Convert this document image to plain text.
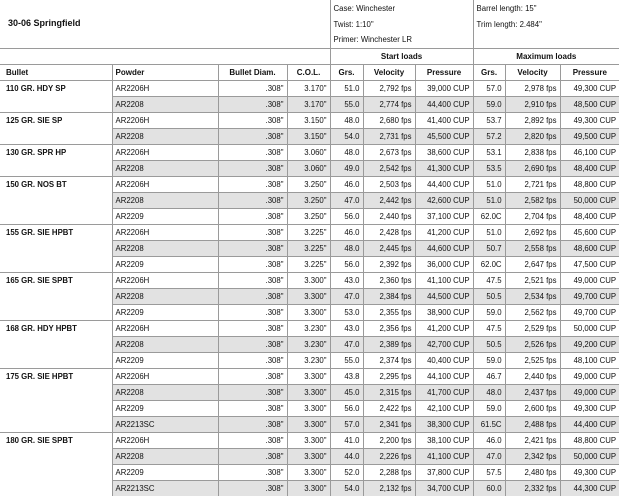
30-06 Springfield				Case: Winchester			Barrel length: 15"		
				Twist: 1:10"			Trim length: 2.484"		
				Primer: Winchester LR					
				Start loads			Maximum loads		
Bullet	Powder	Bullet Diam.	C.O.L.	Grs.	Velocity	Pressure	Grs.	Velocity	Pressure
110 GR. HDY SP	AR2206H	.308"	3.170"	51.0	2,792 fps	39,000 CUP	57.0	2,978 fps	49,300 CUP
	AR2208	.308"	3.170"	55.0	2,774 fps	44,400 CUP	59.0	2,910 fps	48,500 CUP
125 GR. SIE SP	AR2206H	.308"	3.150"	48.0	2,680 fps	41,400 CUP	53.7	2,892 fps	49,300 CUP
	AR2208	.308"	3.150"	54.0	2,731 fps	45,500 CUP	57.2	2,820 fps	49,500 CUP
130 GR. SPR HP	AR2206H	.308"	3.060"	48.0	2,673 fps	38,600 CUP	53.1	2,838 fps	46,100 CUP
	AR2208	.308"	3.060"	49.0	2,542 fps	41,300 CUP	53.5	2,690 fps	48,400 CUP
150 GR. NOS BT	AR2206H	.308"	3.250"	46.0	2,503 fps	44,400 CUP	51.0	2,721 fps	48,800 CUP
	AR2208	.308"	3.250"	47.0	2,442 fps	42,600 CUP	51.0	2,582 fps	50,000 CUP
	AR2209	.308"	3.250"	56.0	2,440 fps	37,100 CUP	62.0C	2,704 fps	48,400 CUP
155 GR. SIE HPBT	AR2206H	.308"	3.225"	46.0	2,428 fps	41,200 CUP	51.0	2,692 fps	45,600 CUP
	AR2208	.308"	3.225"	48.0	2,445 fps	44,600 CUP	50.7	2,558 fps	48,600 CUP
	AR2209	.308"	3.225"	56.0	2,392 fps	36,000 CUP	62.0C	2,647 fps	47,500 CUP
165 GR. SIE SPBT	AR2206H	.308"	3.300"	43.0	2,360 fps	41,100 CUP	47.5	2,521 fps	49,000 CUP
	AR2208	.308"	3.300"	47.0	2,384 fps	44,500 CUP	50.5	2,534 fps	49,700 CUP
	AR2209	.308"	3.300"	53.0	2,355 fps	38,900 CUP	59.0	2,562 fps	49,700 CUP
168 GR. HDY HPBT	AR2206H	.308"	3.230"	43.0	2,356 fps	41,200 CUP	47.5	2,529 fps	50,000 CUP
	AR2208	.308"	3.230"	47.0	2,389 fps	42,700 CUP	50.5	2,526 fps	49,200 CUP
	AR2209	.308"	3.230"	55.0	2,374 fps	40,400 CUP	59.0	2,525 fps	48,100 CUP
175 GR. SIE HPBT	AR2206H	.308"	3.300"	43.8	2,295 fps	44,100 CUP	46.7	2,440 fps	49,000 CUP
	AR2208	.308"	3.300"	45.0	2,315 fps	41,700 CUP	48.0	2,437 fps	49,000 CUP
	AR2209	.308"	3.300"	56.0	2,422 fps	42,100 CUP	59.0	2,600 fps	49,300 CUP
	AR2213SC	.308"	3.300"	57.0	2,341 fps	38,300 CUP	61.5C	2,488 fps	44,400 CUP
180 GR. SIE SPBT	AR2206H	.308"	3.300"	41.0	2,200 fps	38,100 CUP	46.0	2,421 fps	48,800 CUP
	AR2208	.308"	3.300"	44.0	2,226 fps	41,100 CUP	47.0	2,342 fps	50,000 CUP
	AR2209	.308"	3.300"	52.0	2,288 fps	37,800 CUP	57.5	2,480 fps	49,300 CUP
	AR2213SC	.308"	3.300"	54.0	2,132 fps	34,700 CUP	60.0	2,332 fps	44,300 CUP
